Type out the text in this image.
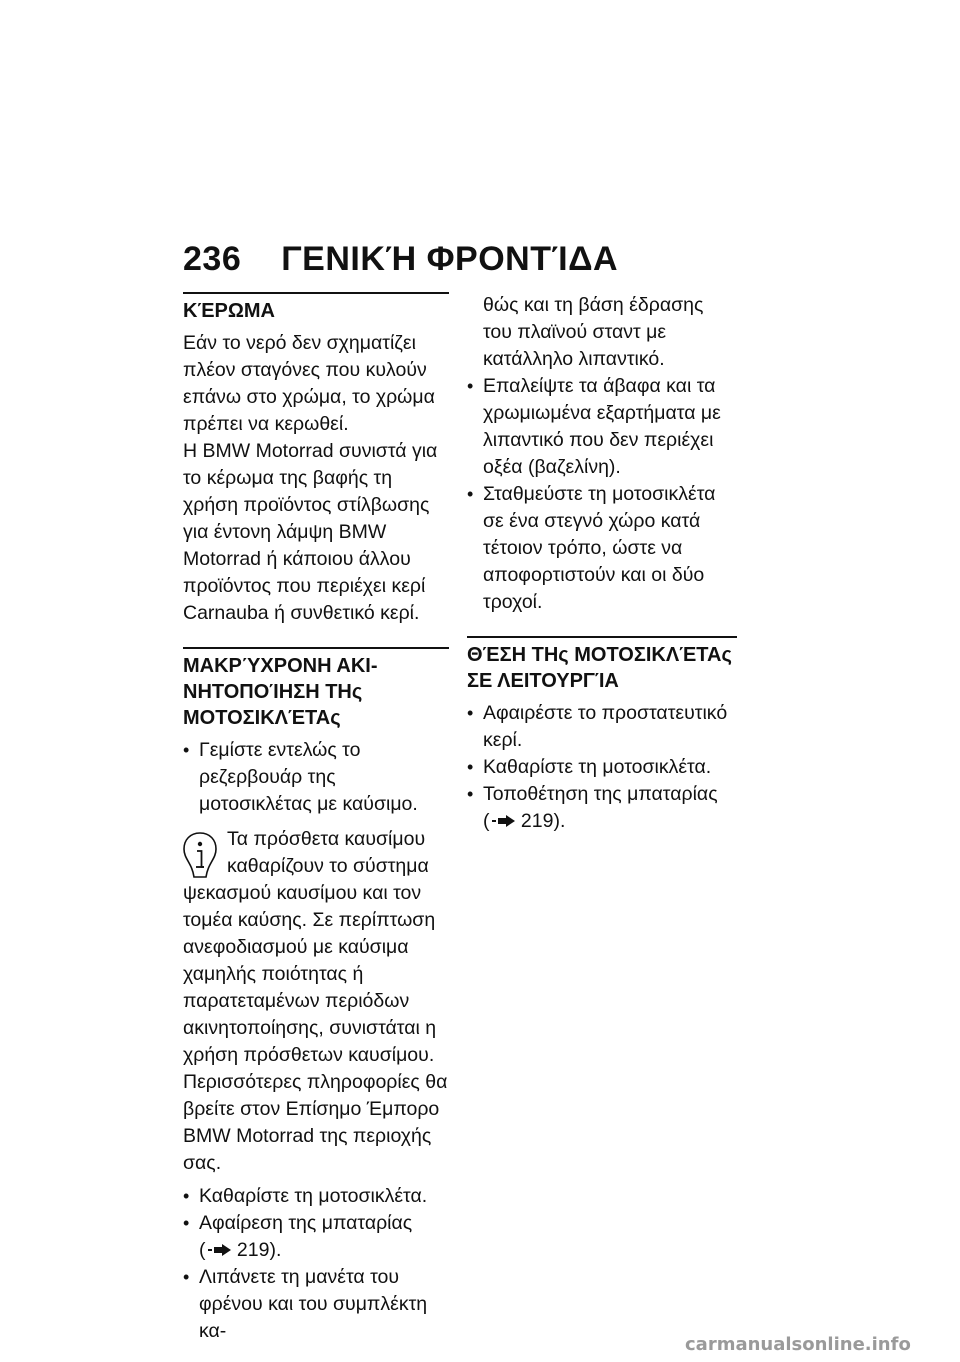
236 ΓΕΝΙΚΉ ΦΡΟΝΤΊΔΑ
ΚΈΡΩΜΑ

Εάν το νερό δεν σχηματίζει πλέον σταγόνες που κυλούν επάνω στο χρώμα, το χρώμα πρέπει να κερωθεί.

Η BMW Motorrad συνιστά για το κέρωμα της βαφής τη χρήση προϊόντος στίλβωσης για έντονη λάμψη BMW Motorrad ή κάποιου άλλου προϊόντος που περιέχει κερί Carnauba ή συνθετικό κερί.

ΜΑΚΡΎΧΡΟΝΗ ΑΚΙ-ΝΗΤΟΠΟΊΗΣΗ ΤΗς ΜΟΤΟΣΙΚΛΈΤΑς
• Γεμίστε εντελώς το ρεζερβουάρ της μοτοσικλέτας με καύσιμο.
Τα πρόσθετα καυσίμου καθαρίζουν το σύστημα ψεκασμού καυσίμου και τον τομέα καύσης. Σε περίπτωση ανεφοδιασμού με καύσιμα χαμηλής ποιότητας ή παρατεταμένων περιόδων ακινητοποίησης, συνιστάται η χρήση πρόσθετων καυσίμου. Περισσότερες πληροφορίες θα βρείτε στον Επίσημο Έμπορο BMW Motorrad της περιοχής σας.
• Καθαρίστε τη μοτοσικλέτα.
• Αφαίρεση της μπαταρίας
( 219).
• Λιπάνετε τη μανέτα του φρένου και του συμπλέκτη κα-

θώς και τη βάση έδρασης του πλαϊνού σταντ με κατάλληλο λιπαντικό.

• Επαλείψτε τα άβαφα και τα χρωμιωμένα εξαρτήματα με λιπαντικό που δεν περιέχει οξέα (βαζελίνη).
• Σταθμεύστε τη μοτοσικλέτα σε ένα στεγνό χώρο κατά τέτοιον τρόπο, ώστε να αποφορτιστούν και οι δύο τροχοί.
ΘΈΣΗ ΤΗς ΜΟΤΟΣΙΚΛΈΤΑς ΣΕ ΛΕΙΤΟΥΡΓΊΑ
• Αφαιρέστε το προστατευτικό κερί.
• Καθαρίστε τη μοτοσικλέτα.
• Τοποθέτηση της μπαταρίας
( 219).
carmanualsonline.info
